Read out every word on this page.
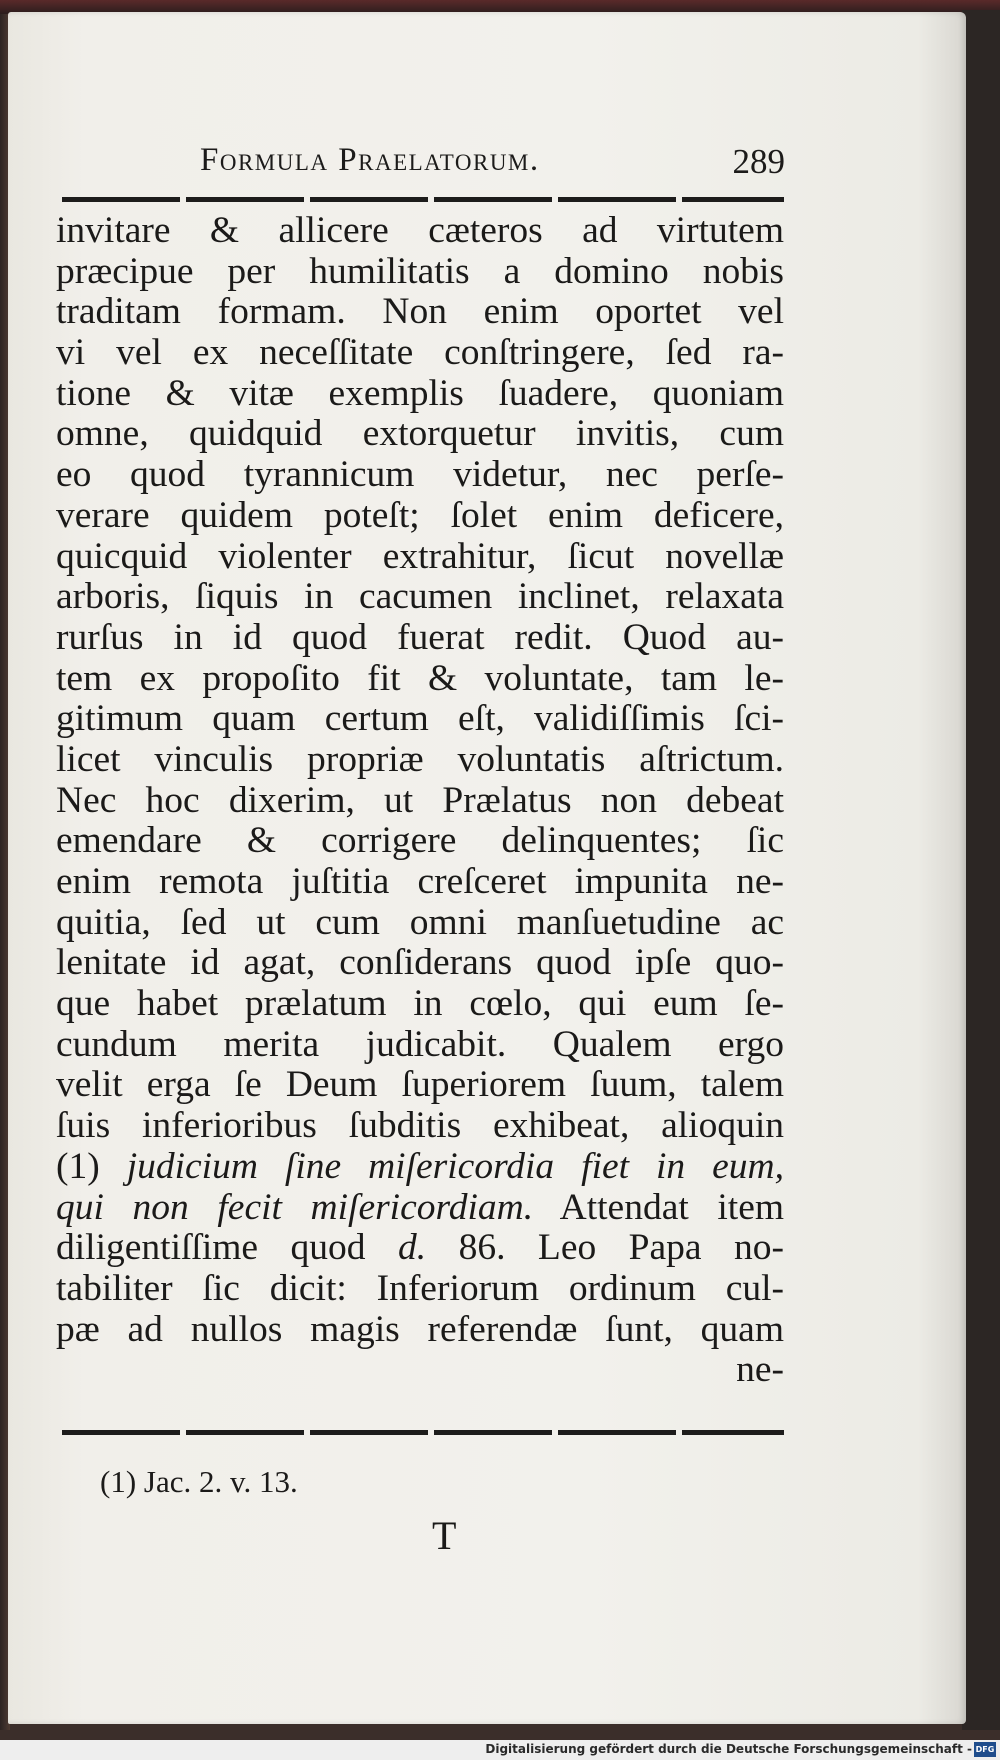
Formula Praelatorum.	289
invitare & allicere cæteros ad virtutem
præcipue per humilitatis a domino nobis
traditam formam. Non enim oportet vel
vi vel ex neceſſitate conſtringere, ſed ra-
tione & vitæ exemplis ſuadere, quoniam
omne, quidquid extorquetur invitis, cum
eo quod tyrannicum videtur, nec perſe-
verare quidem poteſt; ſolet enim deficere,
quicquid violenter extrahitur, ſicut novellæ
arboris, ſiquis in cacumen inclinet, relaxata
rurſus in id quod fuerat redit. Quod au-
tem ex propoſito fit & voluntate, tam le-
gitimum quam certum eſt, validiſſimis ſci-
licet vinculis propriæ voluntatis aſtrictum.
Nec hoc dixerim, ut Prælatus non debeat
emendare & corrigere delinquentes; ſic
enim remota juſtitia creſceret impunita ne-
quitia, ſed ut cum omni manſuetudine ac
lenitate id agat, conſiderans quod ipſe quo-
que habet prælatum in cœlo, qui eum ſe-
cundum merita judicabit. Qualem ergo
velit erga ſe Deum ſuperiorem ſuum, talem
ſuis inferioribus ſubditis exhibeat, alioquin
(1) judicium ſine miſericordia fiet in eum,
qui non fecit miſericordiam. Attendat item
diligentiſſime quod d. 86. Leo Papa no-
tabiliter ſic dicit: Inferiorum ordinum cul-
pæ ad nullos magis referendæ ſunt, quam
ne-
(1) Jac. 2. v. 13.
T
Digitalisierung gefördert durch die Deutsche Forschungsgemeinschaft - DFG
